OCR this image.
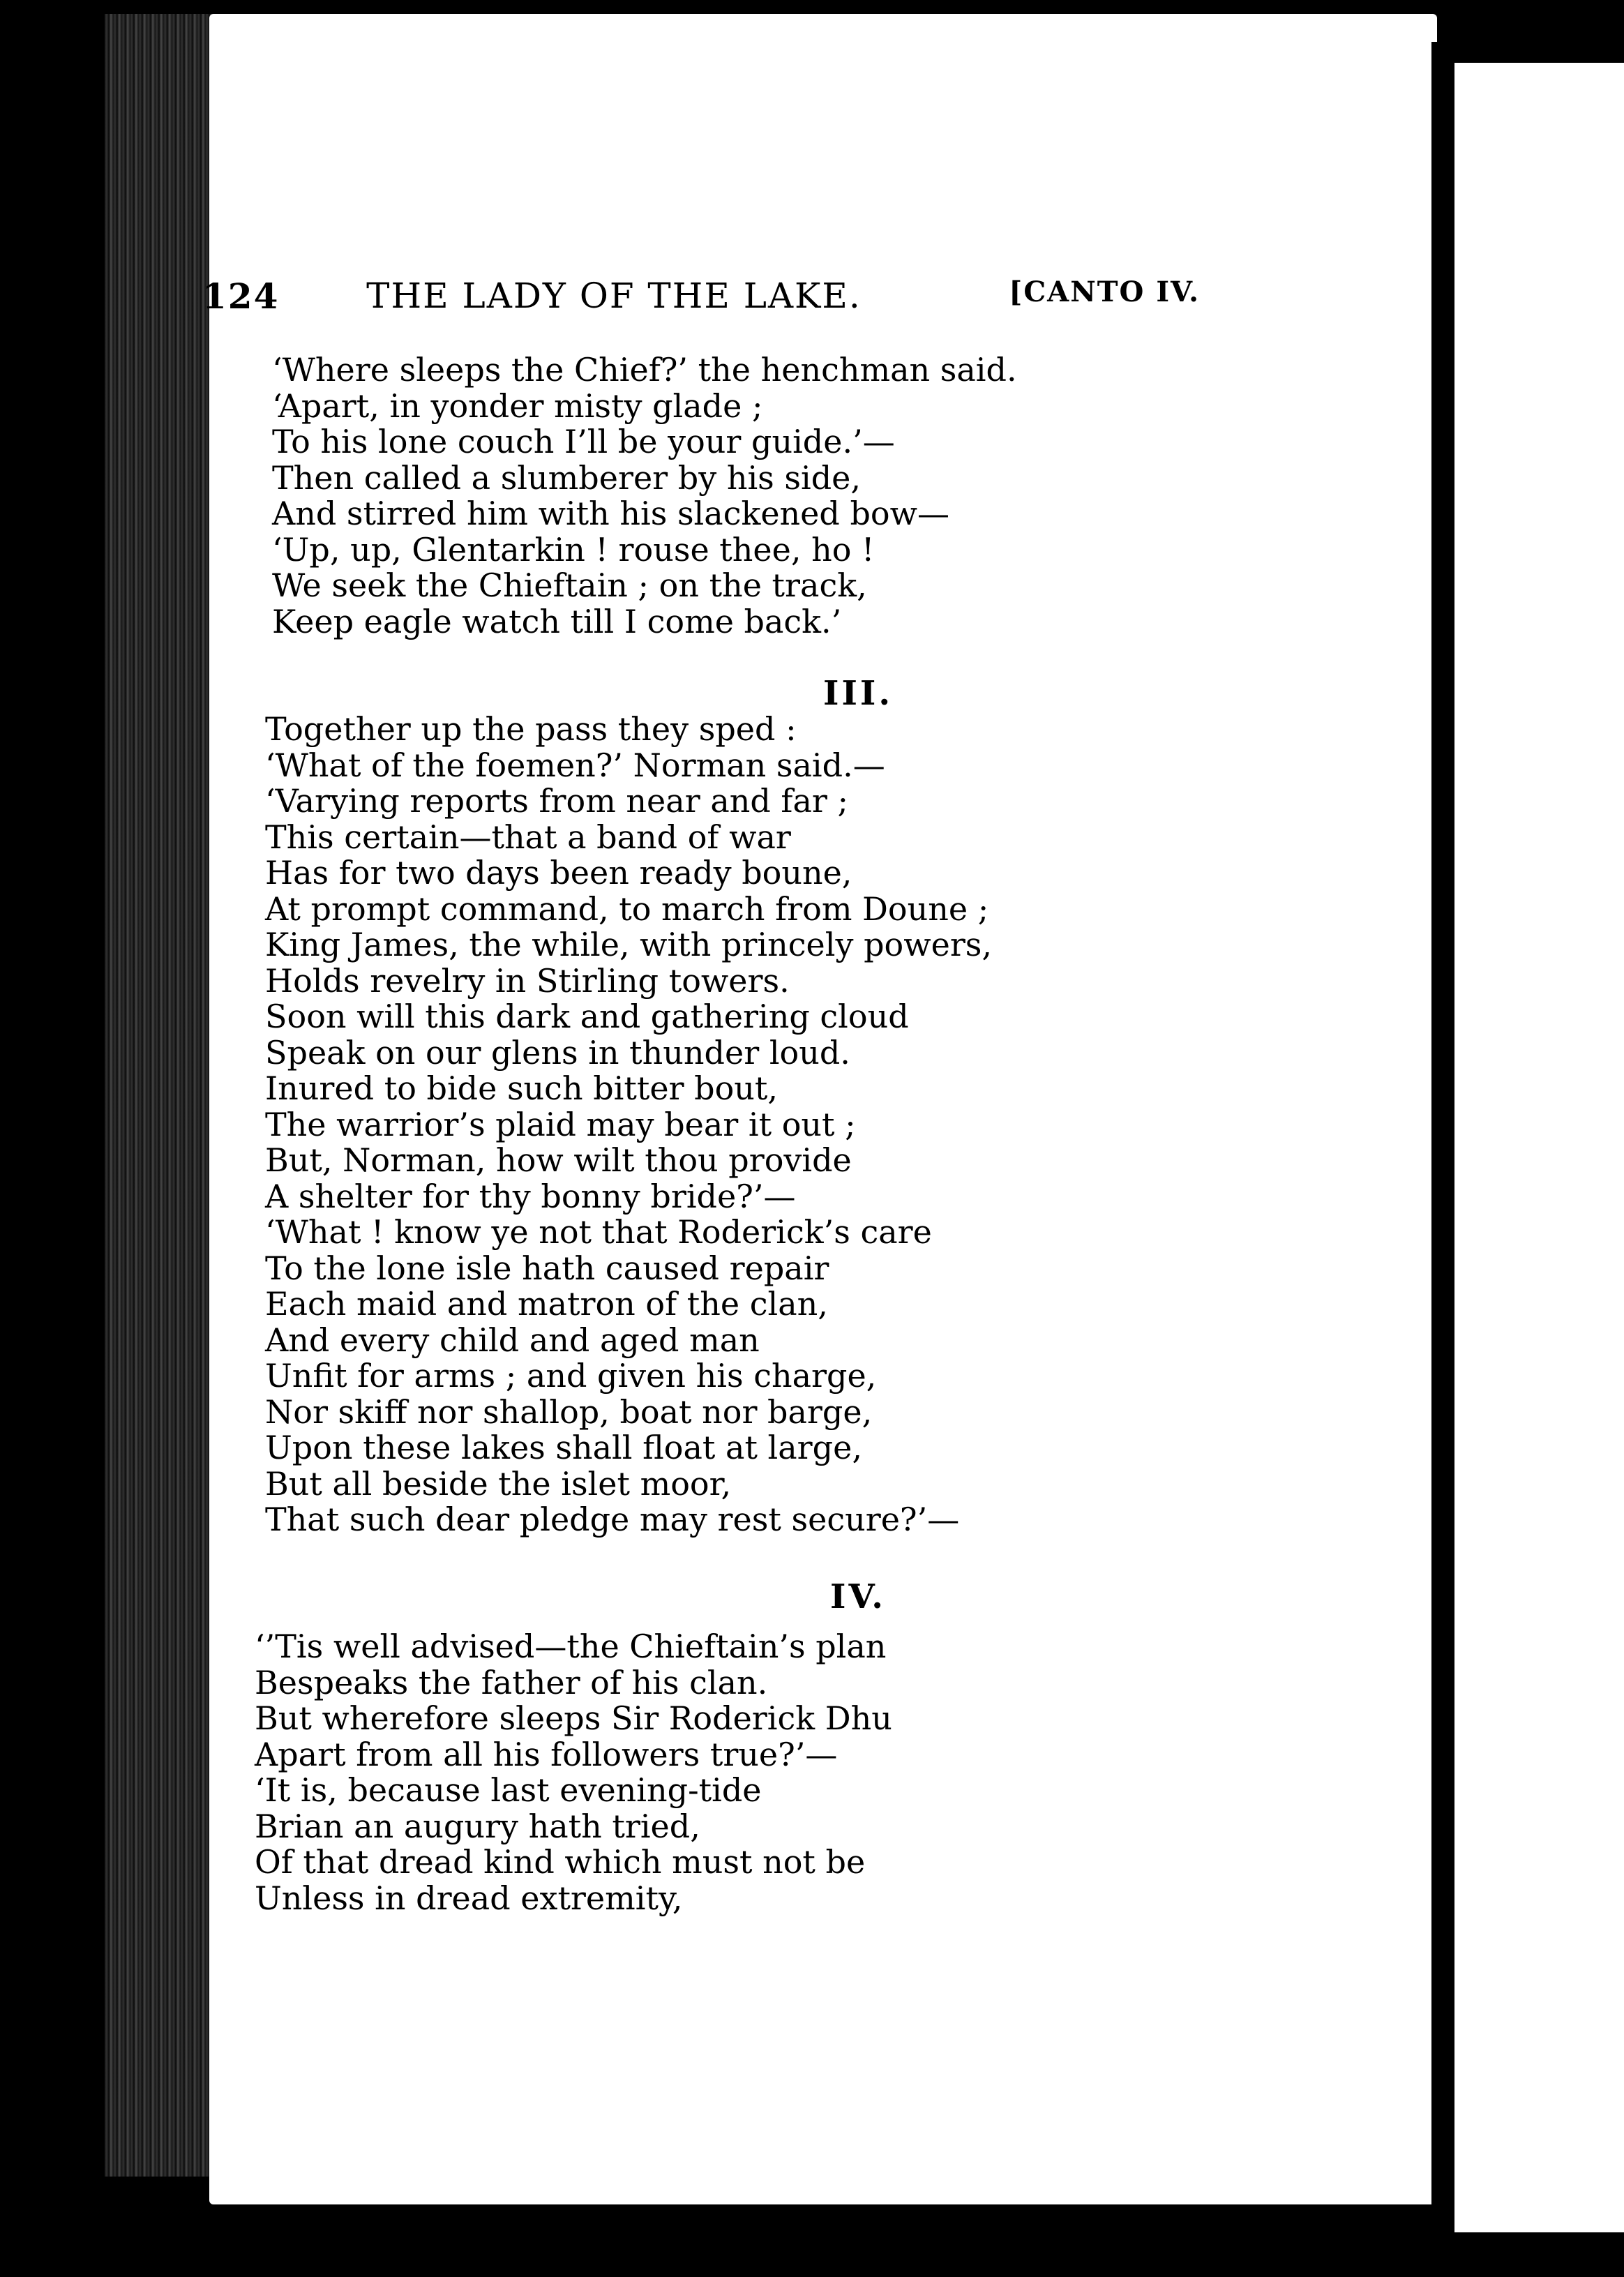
124 THE LADY OF THE LAKE.	[CANTO IV.
‘Where sleeps the Chief?’ the henchman said.
‘Apart, in yonder misty glade ;
To his lone couch I’ll be your guide.’—
Then called a slumberer by his side,
And stirred him with his slackened bow—
‘Up, up, Glentarkin ! rouse thee, ho !
We seek the Chieftain ; on the track,
Keep eagle watch till I come back.’
III.
Together up the pass they sped :
‘What of the foemen?’ Norman said.—
‘Varying reports from near and far ;
This certain—that a band of war
Has for two days been ready boune,
At prompt command, to march from Doune ;
King James, the while, with princely powers,
Holds revelry in Stirling towers.
Soon will this dark and gathering cloud
Speak on our glens in thunder loud.
Inured to bide such bitter bout,
The warrior’s plaid may bear it out ;
But, Norman, how wilt thou provide
A shelter for thy bonny bride?’—
‘What ! know ye not that Roderick’s care
To the lone isle hath caused repair
Each maid and matron of the clan,
And every child and aged man
Unfit for arms ; and given his charge,
Nor skiff nor shallop, boat nor barge,
Upon these lakes shall float at large,
But all beside the islet moor,
That such dear pledge may rest secure?’—
IV.
‘’Tis well advised—the Chieftain’s plan
Bespeaks the father of his clan.
But wherefore sleeps Sir Roderick Dhu
Apart from all his followers true?’—
‘It is, because last evening-tide
Brian an augury hath tried,
Of that dread kind which must not be
Unless in dread extremity,
